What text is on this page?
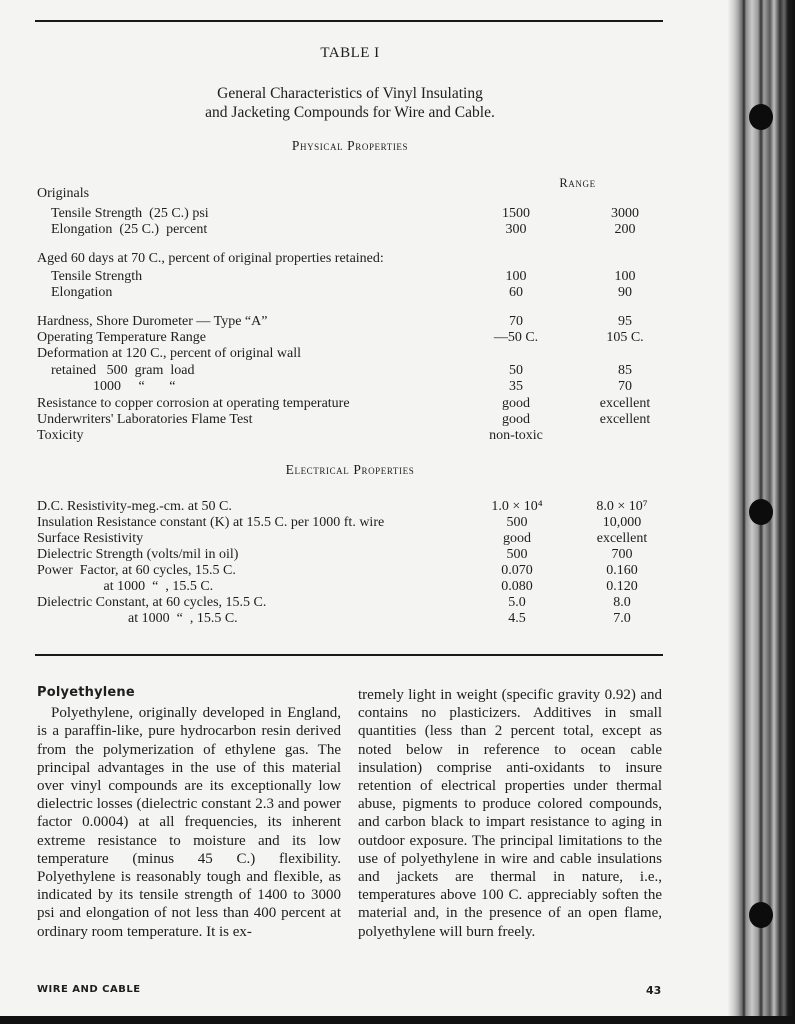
TABLE I
General Characteristics of Vinyl Insulating
and Jacketing Compounds for Wire and Cable.
Physical Properties
Range
Originals
Tensile Strength  (25 C.) psi	1500	3000
Elongation  (25 C.)  percent	300	200
Aged 60 days at 70 C., percent of original properties retained:
Tensile Strength	100	100
Elongation	60	90
Hardness, Shore Durometer — Type “A”	70	95
Operating Temperature Range	—50 C.	105 C.
Deformation at 120 C., percent of original wall
retained   500  gram  load	50	85
1000     “       “	35	70
Resistance to copper corrosion at operating temperature	good	excellent
Underwriters' Laboratories Flame Test	good	excellent
Toxicity	non-toxic
Electrical Properties
D.C. Resistivity-meg.-cm. at 50 C.	1.0 × 10⁴	8.0 × 10⁷
Insulation Resistance constant (K) at 15.5 C. per 1000 ft. wire	500	10,000
Surface Resistivity	good	excellent
Dielectric Strength (volts/mil in oil)	500	700
Power  Factor, at 60 cycles, 15.5 C.	0.070	0.160
at 1000  “  , 15.5 C.	0.080	0.120
Dielectric Constant, at 60 cycles, 15.5 C.	5.0	8.0
at 1000  “  , 15.5 C.	4.5	7.0
Polyethylene

Polyethylene, originally developed in England, is a paraffin-like, pure hydrocarbon resin derived from the polymerization of ethylene gas. The principal advantages in the use of this material over vinyl compounds are its exceptionally low dielectric losses (dielectric constant 2.3 and power factor 0.0004) at all frequencies, its inherent extreme resistance to moisture and its low temperature (minus 45 C.) flexibility. Polyethylene is reasonably tough and flexible, as indicated by its tensile strength of 1400 to 3000 psi and elongation of not less than 400 percent at ordinary room temperature. It is ex-

tremely light in weight (specific gravity 0.92) and contains no plasticizers. Additives in small quantities (less than 2 percent total, except as noted below in reference to ocean cable insulation) comprise anti-oxidants to insure retention of electrical properties under thermal abuse, pigments to produce colored compounds, and carbon black to impart resistance to aging in outdoor exposure. The principal limitations to the use of polyethylene in wire and cable insulations and jackets are thermal in nature, i.e., temperatures above 100 C. appreciably soften the material and, in the presence of an open flame, polyethylene will burn freely.

WIRE AND CABLE	43
